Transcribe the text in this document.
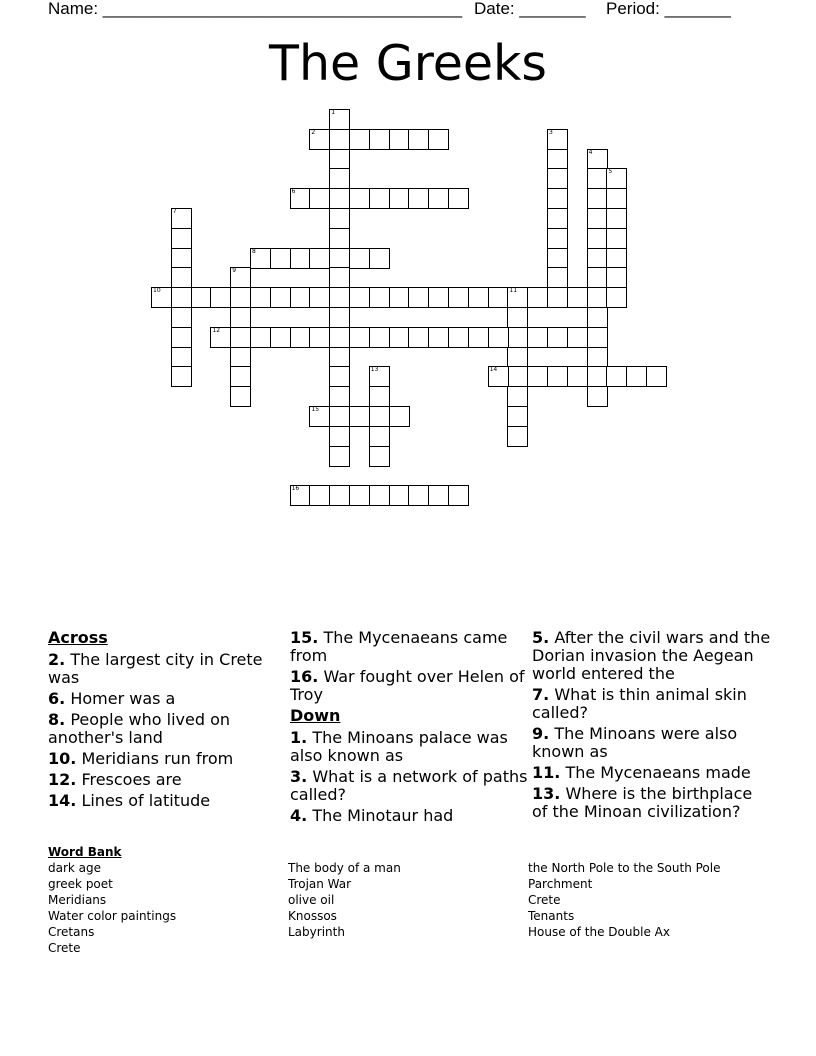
Name: ______________________________________ Date: _______ Period: _______
The Greeks
1
2	3
4
5
6
7
8
9
10	11
12
13	14
15
16
Across
2. The largest city in Crete was
6. Homer was a
8. People who lived on another's land
10. Meridians run from
12. Frescoes are
14. Lines of latitude
15. The Mycenaeans came from
16. War fought over Helen of Troy
Down
1. The Minoans palace was also known as
3. What is a network of paths called?
4. The Minotaur had
5. After the civil wars and the Dorian invasion the Aegean world entered the
7. What is thin animal skin called?
9. The Minoans were also known as
11. The Mycenaeans made
13. Where is the birthplace of the Minoan civilization?
Word Bank
dark age
greek poet
Meridians
Water color paintings
Cretans
Crete
The body of a man
Trojan War
olive oil
Knossos
Labyrinth
the North Pole to the South Pole
Parchment
Crete
Tenants
House of the Double Ax
